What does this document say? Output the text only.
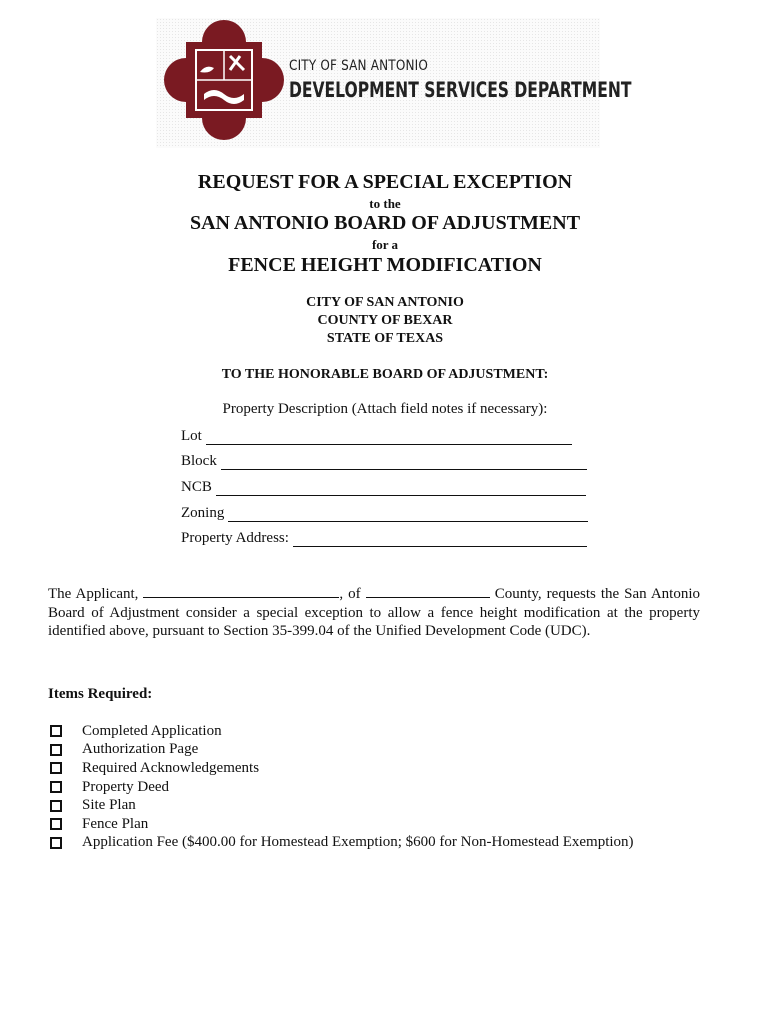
CITY OF SAN ANTONIO
DEVELOPMENT SERVICES DEPARTMENT
REQUEST FOR A SPECIAL EXCEPTION
to the
SAN ANTONIO BOARD OF ADJUSTMENT
for a
FENCE HEIGHT MODIFICATION
CITY OF SAN ANTONIO
COUNTY OF BEXAR
STATE OF TEXAS
TO THE HONORABLE BOARD OF ADJUSTMENT:
Property Description (Attach field notes if necessary):
Lot
Block
NCB
Zoning
Property Address:
The Applicant,	, of	County, requests the San Antonio Board of Adjustment consider a special exception to allow a fence height modification at the property identified above, pursuant to Section 35-399.04 of the Unified Development Code (UDC).
Items Required:
Completed Application
Authorization Page
Required Acknowledgements
Property Deed
Site Plan
Fence Plan
Application Fee ($400.00 for Homestead Exemption; $600 for Non-Homestead Exemption)
